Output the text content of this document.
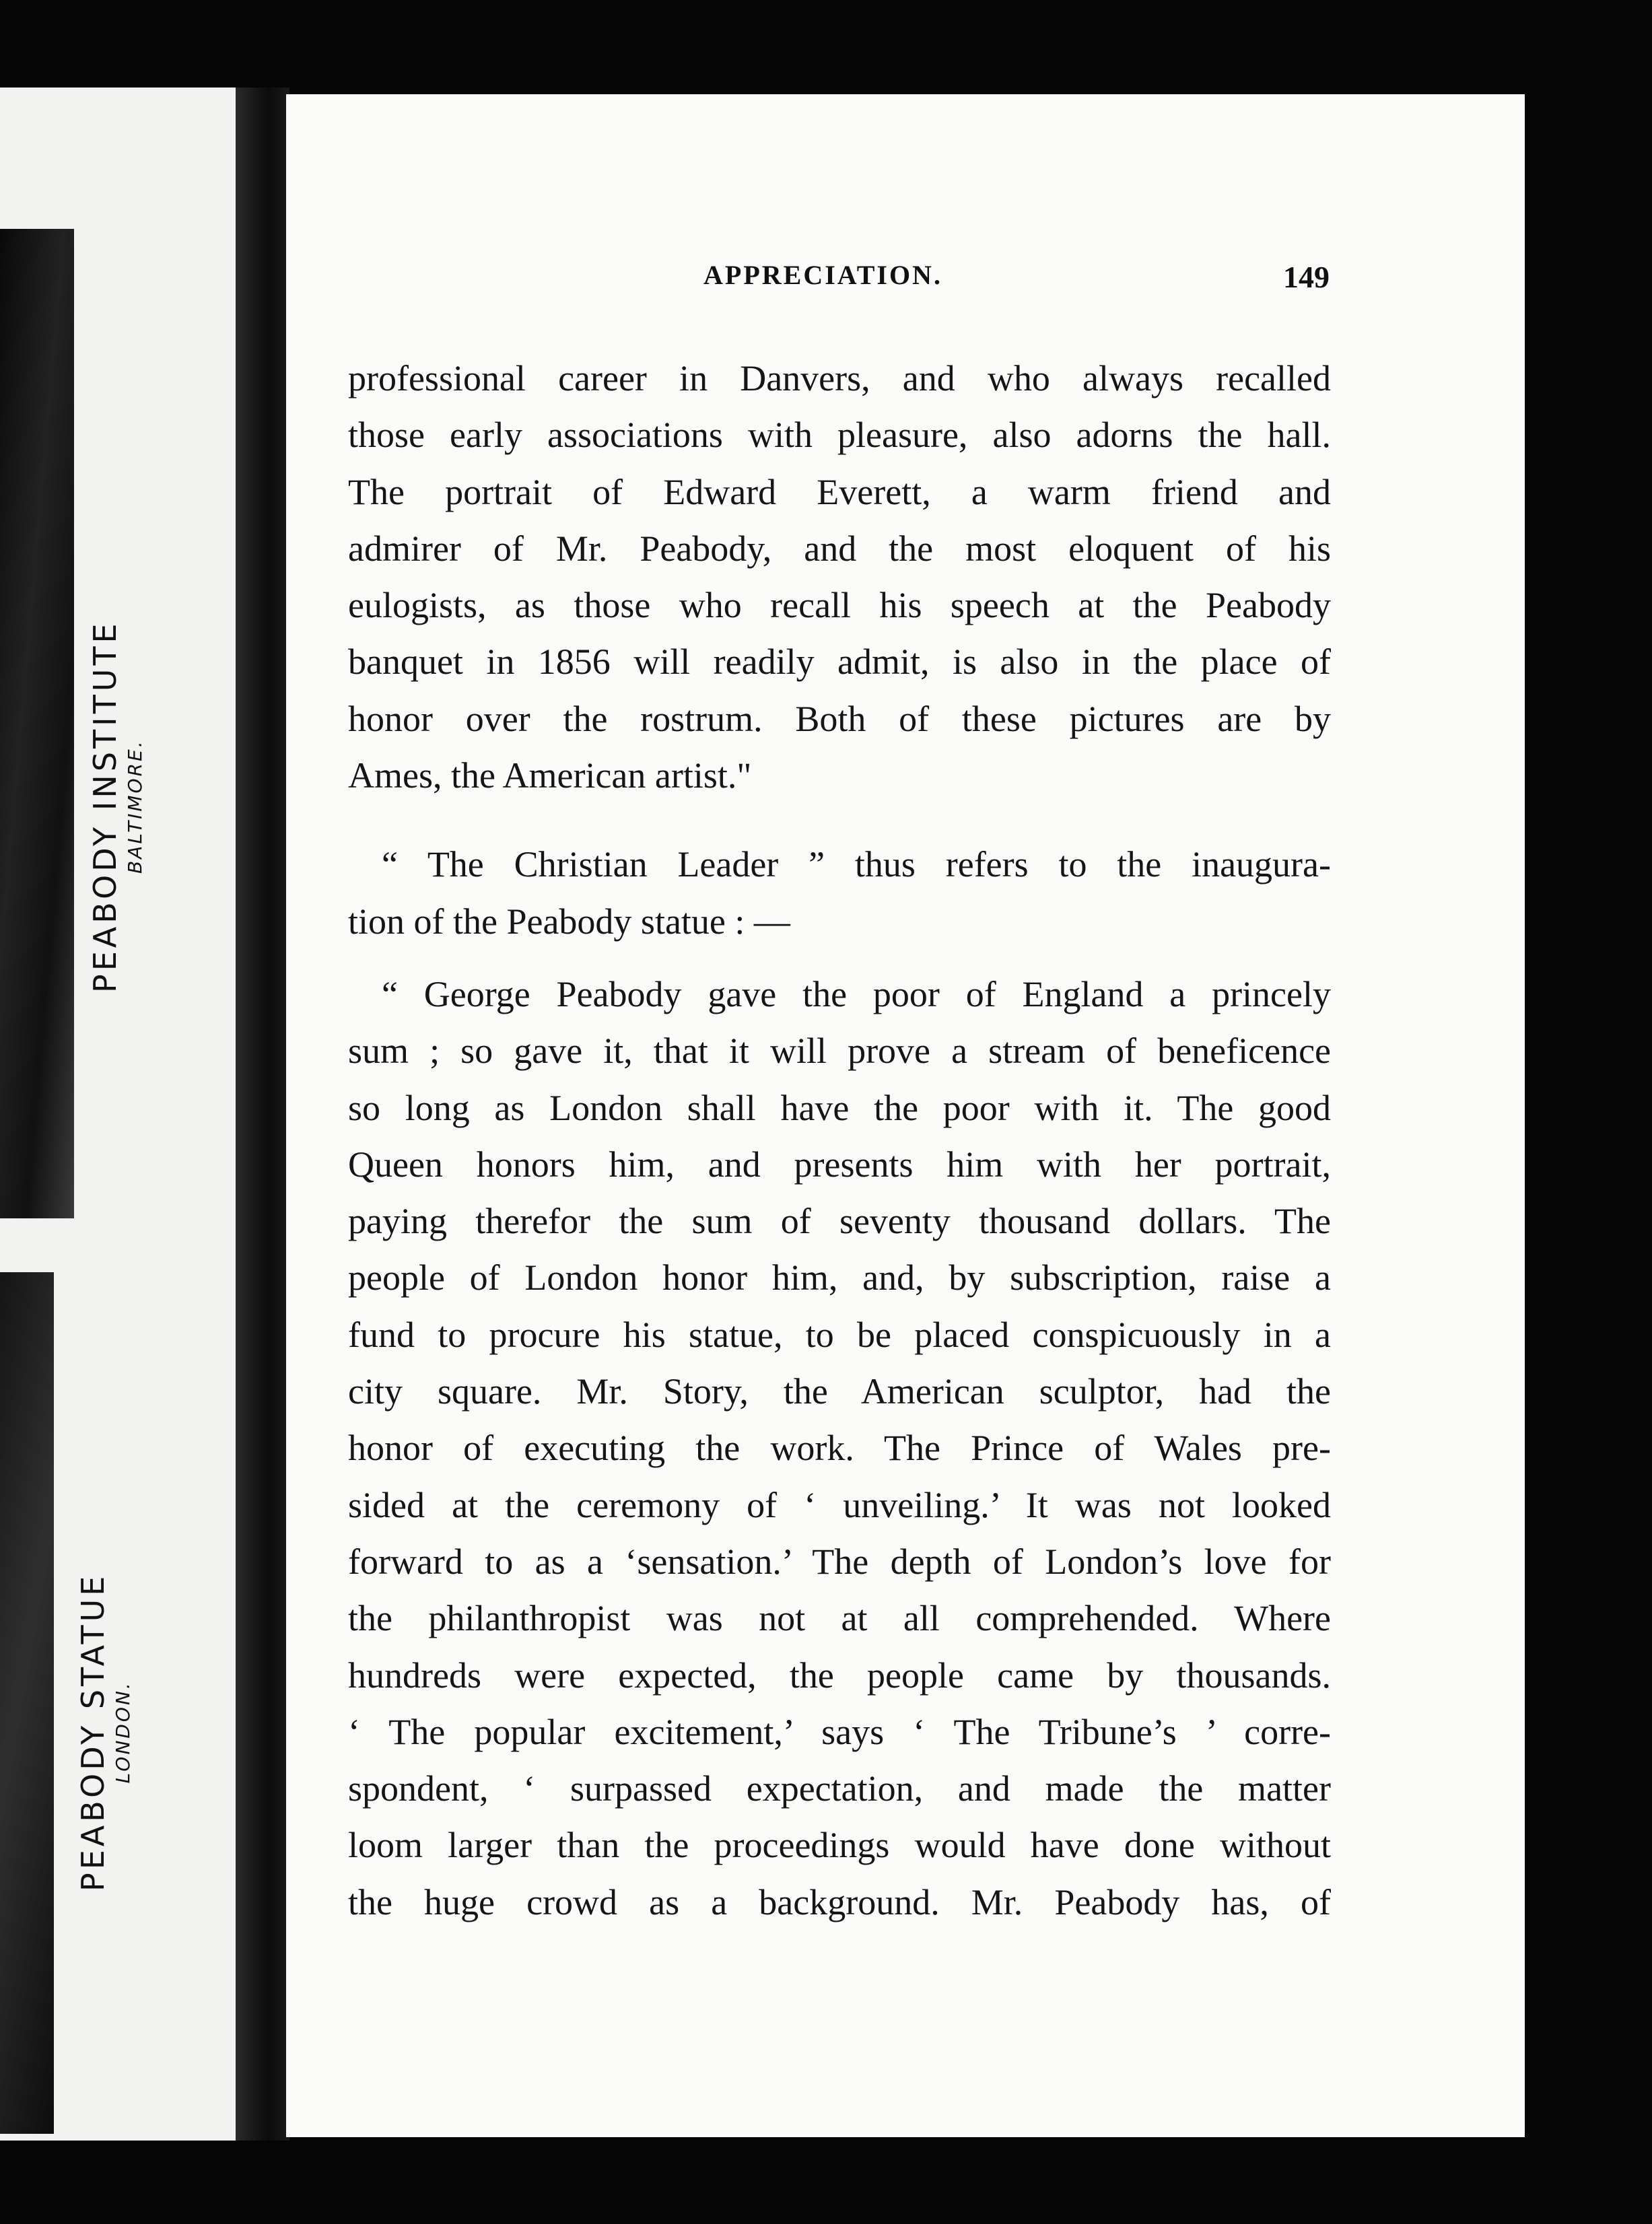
PEABODY INSTITUTE BALTIMORE.
PEABODY STATUE LONDON.
APPRECIATION.	149
professional career in Danvers, and who always recalled
those early associations with pleasure, also adorns the hall.
The portrait of Edward Everett, a warm friend and
admirer of Mr. Peabody, and the most eloquent of his
eulogists, as those who recall his speech at the Peabody
banquet in 1856 will readily admit, is also in the place of
honor over the rostrum. Both of these pictures are by
Ames, the American artist."
“ The Christian Leader ” thus refers to the inaugura-
tion of the Peabody statue : —
“ George Peabody gave the poor of England a princely
sum ; so gave it, that it will prove a stream of beneficence
so long as London shall have the poor with it. The good
Queen honors him, and presents him with her portrait,
paying therefor the sum of seventy thousand dollars. The
people of London honor him, and, by subscription, raise a
fund to procure his statue, to be placed conspicuously in a
city square. Mr. Story, the American sculptor, had the
honor of executing the work. The Prince of Wales pre-
sided at the ceremony of ‘ unveiling.’ It was not looked
forward to as a ‘sensation.’ The depth of London’s love for
the philanthropist was not at all comprehended. Where
hundreds were expected, the people came by thousands.
‘ The popular excitement,’ says ‘ The Tribune’s ’ corre-
spondent, ‘ surpassed expectation, and made the matter
loom larger than the proceedings would have done without
the huge crowd as a background. Mr. Peabody has, of
